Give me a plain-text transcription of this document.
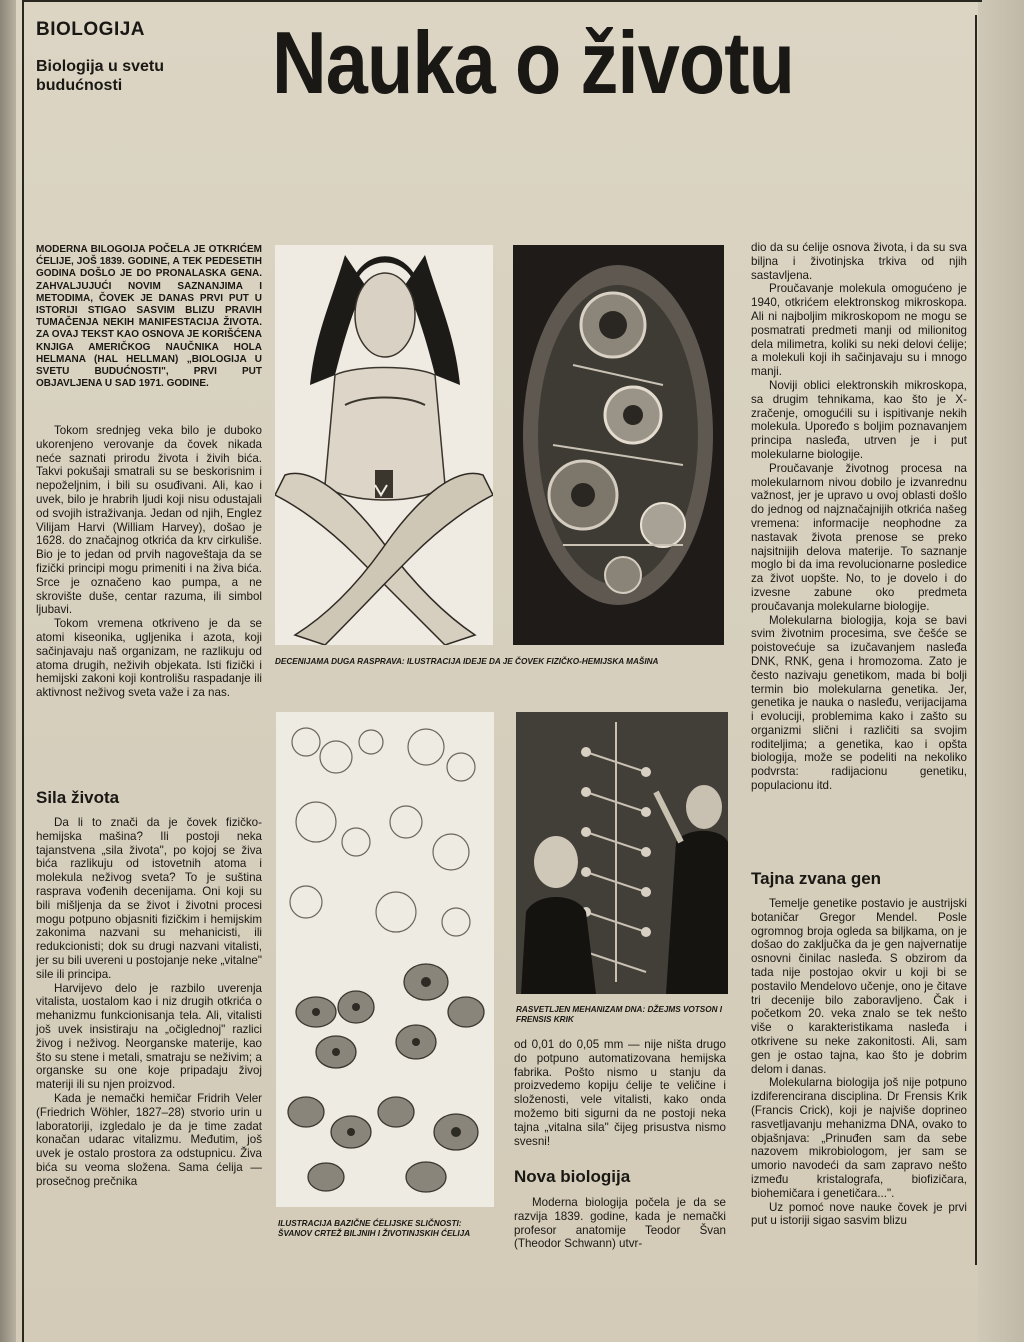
BIOLOGIJA
Biologija u svetu budućnosti	Nauka o životu
MODERNA BILOGOIJA POČELA JE OTKRIĆEM ĆELIJE, JOŠ 1839. GODINE, A TEK PEDESETIH GODINA DOŠLO JE DO PRONALASKA GENA. ZAHVALJUJUĆI NOVIM SAZNANJIMA I METODIMA, ČOVEK JE DANAS PRVI PUT U ISTORIJI STIGAO SASVIM BLIZU PRAVIH TUMAČENJA NEKIH MANIFESTACIJA ŽIVOTA. ZA OVAJ TEKST KAO OSNOVA JE KORIŠĆENA KNJIGA AMERIČKOG NAUČNIKA HOLA HELMANA (HAL HELLMAN) „BIOLOGIJA U SVETU BUDUĆNOSTI", PRVI PUT OBJAVLJENA U SAD 1971. GODINE.

Tokom srednjeg veka bilo je duboko ukorenjeno verovanje da čovek nikada neće saznati prirodu života i živih bića. Takvi pokušaji smatrali su se beskorisnim i nepoželjnim, i bili su osuđivani. Ali, kao i uvek, bilo je hrabrih ljudi koji nisu odustajali od svojih istraživanja. Jedan od njih, Englez Vilijam Harvi (William Harvey), došao je 1628. do značajnog otkrića da krv cirkuliše. Bio je to jedan od prvih nagoveštaja da se fizički principi mogu primeniti i na živa bića. Srce je označeno kao pumpa, a ne skrovište duše, centar razuma, ili simbol ljubavi.

Tokom vremena otkriveno je da se atomi kiseonika, ugljenika i azota, koji sačinjavaju naš organizam, ne razlikuju od atoma drugih, neživih objekata. Isti fizički i hemijski zakoni koji kontrolišu raspadanje ili aktivnost neživog sveta važe i za nas.

Sila života

Da li to znači da je čovek fizičko-hemijska mašina? Ili postoji neka tajanstvena „sila života", po kojoj se živa bića razlikuju od istovetnih atoma i molekula neživog sveta? To je suština rasprava vođenih decenijama. Oni koji su bili mišljenja da se život i životni procesi mogu potpuno objasniti fizičkim i hemijskim zakonima nazvani su mehanicisti, ili redukcionisti; dok su drugi nazvani vitalisti, jer su bili uvereni u postojanje neke „vitalne" sile ili principa.

Harvijevo delo je razbilo uverenja vitalista, uostalom kao i niz drugih otkrića o mehanizmu funkcionisanja tela. Ali, vitalisti još uvek insistiraju na „očiglednoj" razlici živog i neživog. Neorganske materije, kao što su stene i metali, smatraju se neživim; a organske su one koje pripadaju živoj materiji ili su njen proizvod.

Kada je nemački hemičar Fridrih Veler (Friedrich Wöhler, 1827–28) stvorio urin u laboratoriji, izgledalo je da je time zadat konačan udarac vitalizmu. Međutim, još uvek je ostalo prostora za odstupnicu. Živa bića su veoma složena. Sama ćelija — prosečnog prečnika

DECENIJAMA DUGA RASPRAVA: ILUSTRACIJA IDEJE DA JE ČOVEK FIZIČKO-HEMIJSKA MAŠINA
ILUSTRACIJA BAZIČNE ĆELIJSKE SLIČNOSTI: ŠVANOV CRTEŽ BILJNIH I ŽIVOTINJSKIH ĆELIJA
RASVETLJEN MEHANIZAM DNA: DŽEJMS VOTSON I FRENSIS KRIK

od 0,01 do 0,05 mm — nije ništa drugo do potpuno automatizovana hemijska fabrika. Pošto nismo u stanju da proizvedemo kopiju ćelije te veličine i složenosti, vele vitalisti, kako onda možemo biti sigurni da ne postoji neka tajna „vitalna sila" čijeg prisustva nismo svesni!

Nova biologija

Moderna biologija počela je da se razvija 1839. godine, kada je nemački profesor anatomije Teodor Švan (Theodor Schwann) utvr-

dio da su ćelije osnova života, i da su sva biljna i životinjska trkiva od njih sastavljena.

Proučavanje molekula omogućeno je 1940, otkrićem elektronskog mikroskopa. Ali ni najboljim mikroskopom ne mogu se posmatrati predmeti manji od milionitog dela milimetra, koliki su neki delovi ćelije; a molekuli koji ih sačinjavaju su i mnogo manji.

Noviji oblici elektronskih mikroskopa, sa drugim tehnikama, kao što je X-zračenje, omogućili su i ispitivanje nekih molekula. Upoređo s boljim poznavanjem principa nasleđa, utrven je i put molekularne biologije.

Proučavanje životnog procesa na molekularnom nivou dobilo je izvanrednu važnost, jer je upravo u ovoj oblasti došlo do jednog od najznačajnijih otkrića našeg vremena: informacije neophodne za nastavak života prenose se preko najsitnijih delova materije. To saznanje moglo bi da ima revolucionarne posledice za život uopšte. No, to je dovelo i do izvesne zabune oko predmeta proučavanja molekularne biologije.

Molekularna biologija, koja se bavi svim životnim procesima, sve češće se poistovećuje sa izučavanjem nasleđa DNK, RNK, gena i hromozoma. Zato je često nazivaju genetikom, mada bi bolji termin bio molekularna genetika. Jer, genetika je nauka o nasleđu, verijacijama i evoluciji, problemima kako i zašto su organizmi slični i različiti sa svojim roditeljima; a genetika, kao i opšta biologija, može se podeliti na nekoliko podvrsta: radijacionu genetiku, populacionu itd.

Tajna zvana gen

Temelje genetike postavio je austrijski botaničar Gregor Mendel. Posle ogromnog broja ogleda sa biljkama, on je došao do zaključka da je gen najvernatije osnovni činilac nasleđa. S obzirom da tada nije postojao okvir u koji bi se postavilo Mendelovo učenje, ono je čitave tri decenije bilo zaboravljeno. Čak i početkom 20. veka znalo se tek nešto više o karakteristikama nasleđa i otkrivene su neke zakonitosti. Ali, sam gen je ostao tajna, kao što je dobrim delom i danas.

Molekularna biologija još nije potpuno izdiferencirana disciplina. Dr Frensis Krik (Francis Crick), koji je najviše doprineo rasvetljavanju mehanizma DNA, ovako to objašnjava: „Prinuđen sam da sebe nazovem mikrobiologom, jer sam se umorio navodeći da sam zapravo nešto između kristalografa, biofizičara, biohemičara i genetičara...".

Uz pomoć nove nauke čovek je prvi put u istoriji sigao sasvim blizu
